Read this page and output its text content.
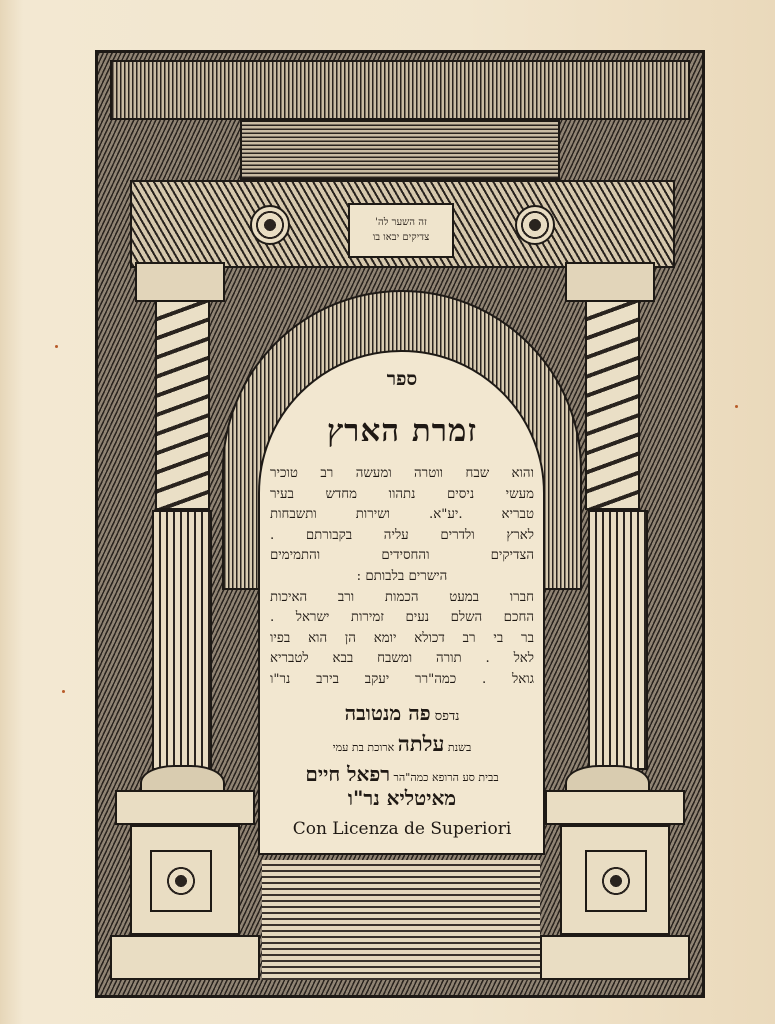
זה השער לה'
צדיקים יבאו בו
ספר
זמרת הארץ
והוא שבח ווטרה ומעשה רב טוכיר
מעשי ניסים נתהוו מחדש בעיר
טבריא .יע"א. ושירות ותשבחות
לארץ ולדרים עליה בקבורתם .
הצדיקים והחסידים והתמימים
הישרים בלבותם :
חברו במעט הכמות ורב האיכות
החכם השלם נעים זמירות ישראל .
בר בי רב דכולא יומא הן הוא בפיו
לאל . תורה ומשבח בבא לטבריא
גואל . כמה"רר יעקב בירב נר"ו
נדפס פה מנטובה
בשנת עלתה ארוכת בת עמי
בבית סע הרופא כמה"הר רפאל חיים
מאיטליא נר"ו
Con Licenza de Superiori
